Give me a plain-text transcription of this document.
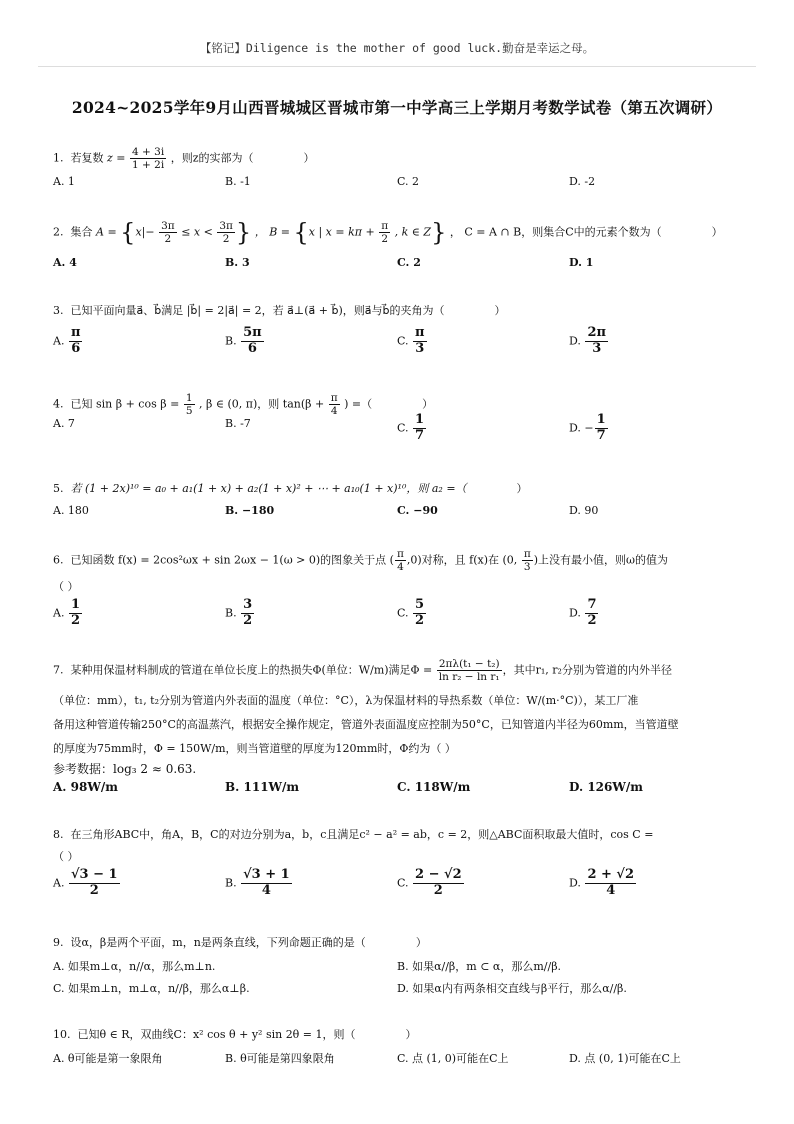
【铭记】Diligence is the mother of good luck.勤奋是幸运之母。
2024~2025学年9月山西晋城城区晋城市第一中学高三上学期月考数学试卷（第五次调研）
1. 若复数 $z = \frac{4 + 3i}{1 + 2i}$ ，则z的实部为（	）
A. 1	B. -1	C. 2	D. -2
2. 集合 $A = \{x|- \frac{3\pi}{2} \le x < \frac{3\pi}{2}$ } ， B = {x | $x = k\pi + \frac{\pi}{2}$ , k ∈ Z} ， C = A ∩ B，则集合C中的元素个数为（	）
A. 4	B. 3	C. 2	D. 1
3. 已知平面向量a⃗、b⃗满足 |b⃗| = 2|a⃗| = 2，若 a⃗⊥(a⃗ + b⃗)，则a⃗与b⃗的夹角为（	）
A. $\frac{\pi}{6}$	B. $\frac{5\pi}{6}$	C. $\frac{\pi}{3}$	D. $\frac{2\pi}{3}$
4. 已知 $\sin \beta + \cos \beta = \frac{1}{5}$ , β ∈ (0, π)，则 $\tan(\beta + \frac{\pi}{4}$ ) =（	）
A. 7	B. -7	C. $\frac{1}{7}$	D. − $\frac{1}{7}$
5. 若 (1 + 2x)¹⁰ = a₀ + a₁(1 + x) + a₂(1 + x)² + ⋯ + a₁₀(1 + x)¹⁰，则 a₂ =（	）
A. 180	B. −180	C. −90	D. 90
6. 已知函数 f(x) = 2cos²ωx + sin 2ωx − 1(ω > 0)的图象关于点 ( $\frac{\pi}{4} ,0$)对称，且 f(x)在 (0, $\frac{\pi}{3}$ )上没有最小值，则ω的值为
（ ）
A. $\frac{1}{2}$	B. $\frac{3}{2}$	C. $\frac{5}{2}$	D. $\frac{7}{2}$
7. 某种用保温材料制成的管道在单位长度上的热损失Φ(单位：W/m)满足$\Phi = \frac{\text{2πλ(t₁ − t₂)}}{\text{ln r₂ − ln r₁}}$ ，其中r₁, r₂分别为管道的内外半径
（单位：mm），t₁, t₂分别为管道内外表面的温度（单位：°C），λ为保温材料的导热系数（单位：W/(m·°C)），某工厂准
备用这种管道传输250°C的高温蒸汽，根据安全操作规定，管道外表面温度应控制为50°C，已知管道内半径为60mm，当管道壁
的厚度为75mm时，Φ = 150W/m，则当管道壁的厚度为120mm时，Φ约为（ ）
参考数据：log₃ 2 ≈ 0.63.
A. 98W/m	B. 111W/m	C. 118W/m	D. 126W/m
8. 在三角形ABC中，角A，B，C的对边分别为a，b，c且满足c² − a² = ab，c = 2，则△ABC面积取最大值时，cos C =
（ ）
A. $\frac{√3 - 1}{2}$	B. $\frac{√3 + 1}{4}$	C. $\frac{2 - √2}{2}$	D. $\frac{2 + √2}{4}$
9. 设α，β是两个平面，m，n是两条直线，下列命题正确的是（	）
A. 如果m⊥α，n//α，那么m⊥n.	B. 如果α//β，m ⊂ α，那么m//β.
C. 如果m⊥n，m⊥α，n//β，那么α⊥β.	D. 如果α内有两条相交直线与β平行，那么α//β.
10. 已知θ ∈ R，双曲线C：x² cos θ + y² sin 2θ = 1，则（	）
A. θ可能是第一象限角	B. θ可能是第四象限角	C. 点 (1, 0)可能在C上	D. 点 (0, 1)可能在C上
